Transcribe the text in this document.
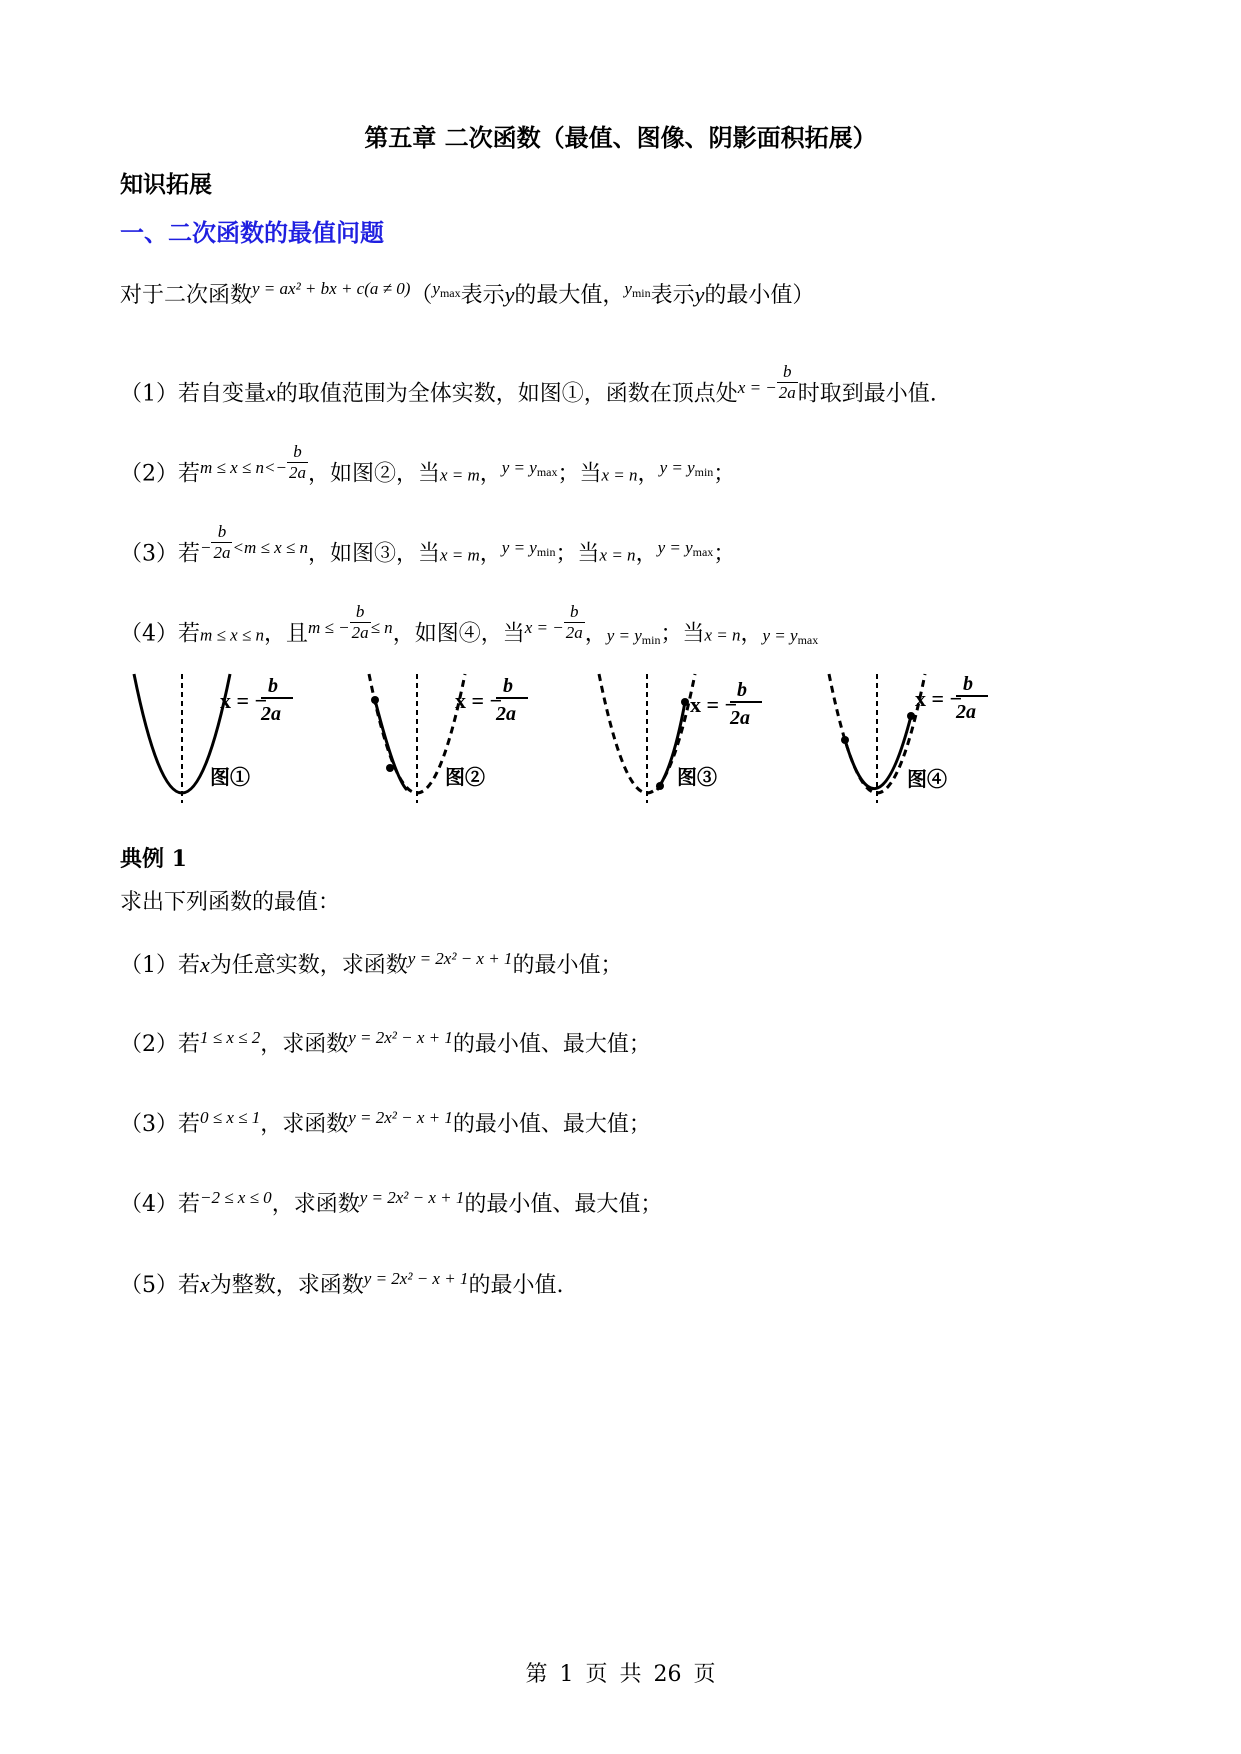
第五章 二次函数（最值、图像、阴影面积拓展）
知识拓展
一、二次函数的最值问题
对于二次函数$^{y = ax^2 + bx + c(a \ne 0)}$（$^{y_{max}}$表示y的最大值，$^{y_{min}}$表示y的最小值）
（1）若自变量x的取值范围为全体实数，如图①，函数在顶点处$^{x = -} \frac{b}{2a}$ 时取到最小值.
（2）若$^{m \le x \le n<-} \frac{b}{2a}$ ，如图②，当x = m，$^{y = y_{max}}$；当x = n，$^{y = y_{min}}$；
（3）若$^- \frac{b}{2a} ^{<m \le x \le n}$，如图③，当x = m，$^{y = y_{min}}$；当x = n，$^{y = y_{max}}$；
（4）若m ≤ x ≤ n，且$^{m \le -} \frac{b}{2a} ^{\le n}$，如图④，当$^{x = -} \frac{b}{2a}$ ，$y = y_{min}$；当x = n，$y = y_{max}$
x = −
b
2a
图①
x = −
b
2a
图②
x = −
b
2a
图③
x = −
b
2a
图④
典例 1
求出下列函数的最值：
（1）若x为任意实数，求函数$^{y = 2x^2 - x + 1}$的最小值；
（2）若$^{1 \le x \le 2}$，求函数$^{y = 2x^2 - x + 1}$的最小值、最大值；
（3）若$^{0 \le x \le 1}$，求函数$^{y = 2x^2 - x + 1}$的最小值、最大值；
（4）若$^{-2 \le x \le 0}$，求函数$^{y = 2x^2 - x + 1}$的最小值、最大值；
（5）若x为整数，求函数$^{y = 2x^2 - x + 1}$的最小值.
第 1 页 共 26 页
